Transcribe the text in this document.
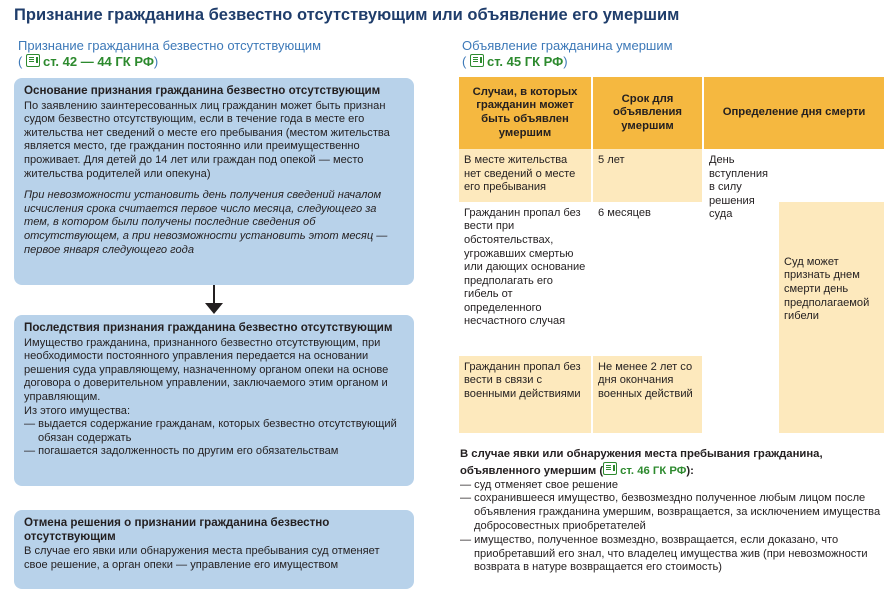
Признание гражданина безвестно отсутствующим или объявление его умершим
Признание гражданина безвестно отсутствующим
( ст. 42 — 44 ГК РФ)
Основание признания гражданина безвестно отсутствующим

По заявлению заинтересованных лиц гражданин может быть признан судом безвестно отсутствующим, если в течение года в месте его жительства нет сведений о месте его пребывания (местом жительства является место, где гражданин постоянно или преимущественно проживает. Для детей до 14 лет или граждан под опекой — место жительства родителей или опекуна)

При невозможности установить день получения сведений началом исчисления срока считается первое число месяца, следующего за тем, в котором были получены последние сведения об отсутствующем, а при невозможности установить этот месяц — первое января следующего года

Последствия признания гражданина безвестно отсутствующим

Имущество гражданина, признанного безвестно отсутствующим, при необходимости постоянного управления передается на основании решения суда управляющему, назначенному органом опеки на основе договора о доверительном управлении, заключаемого этим органом и управляющим.

Из этого имущества:
— выдается содержание гражданам, которых безвестно отсутствующий обязан содержать
— погашается задолженность по другим его обязательствам
Отмена решения о признании гражданина безвестно отсутствующим

В случае его явки или обнаружения места пребывания суд отменяет свое решение, а орган опеки — управление его имуществом

Объявление гражданина умершим
( ст. 45 ГК РФ)
Случаи, в которых гражданин может быть объявлен умершим	Срок для объявления умершим	Определение дня смерти	
В месте жительства нет сведений о месте его пребывания	5 лет	День вступления в силу решения суда	
Гражданин пропал без вести при обстоятельствах, угрожавших смертью или дающих основание предполагать его гибель от определенного несчастного случая	6 месяцев		Суд может признать днем смерти день предполагаемой гибели
Гражданин пропал без вести в связи с военными действиями	Не менее 2 лет со дня окончания военных действий		
В случае явки или обнаружения места пребывания гражданина, объявленного умершим ( ст. 46 ГК РФ):
— суд отменяет свое решение
— сохранившееся имущество, безвозмездно полученное любым лицом после объявления гражданина умершим, возвращается, за исключением имущества добросовестных приобретателей
— имущество, полученное возмездно, возвращается, если доказано, что приобретавший его знал, что владелец имущества жив (при невозможности возврата в натуре возвращается его стоимость)
